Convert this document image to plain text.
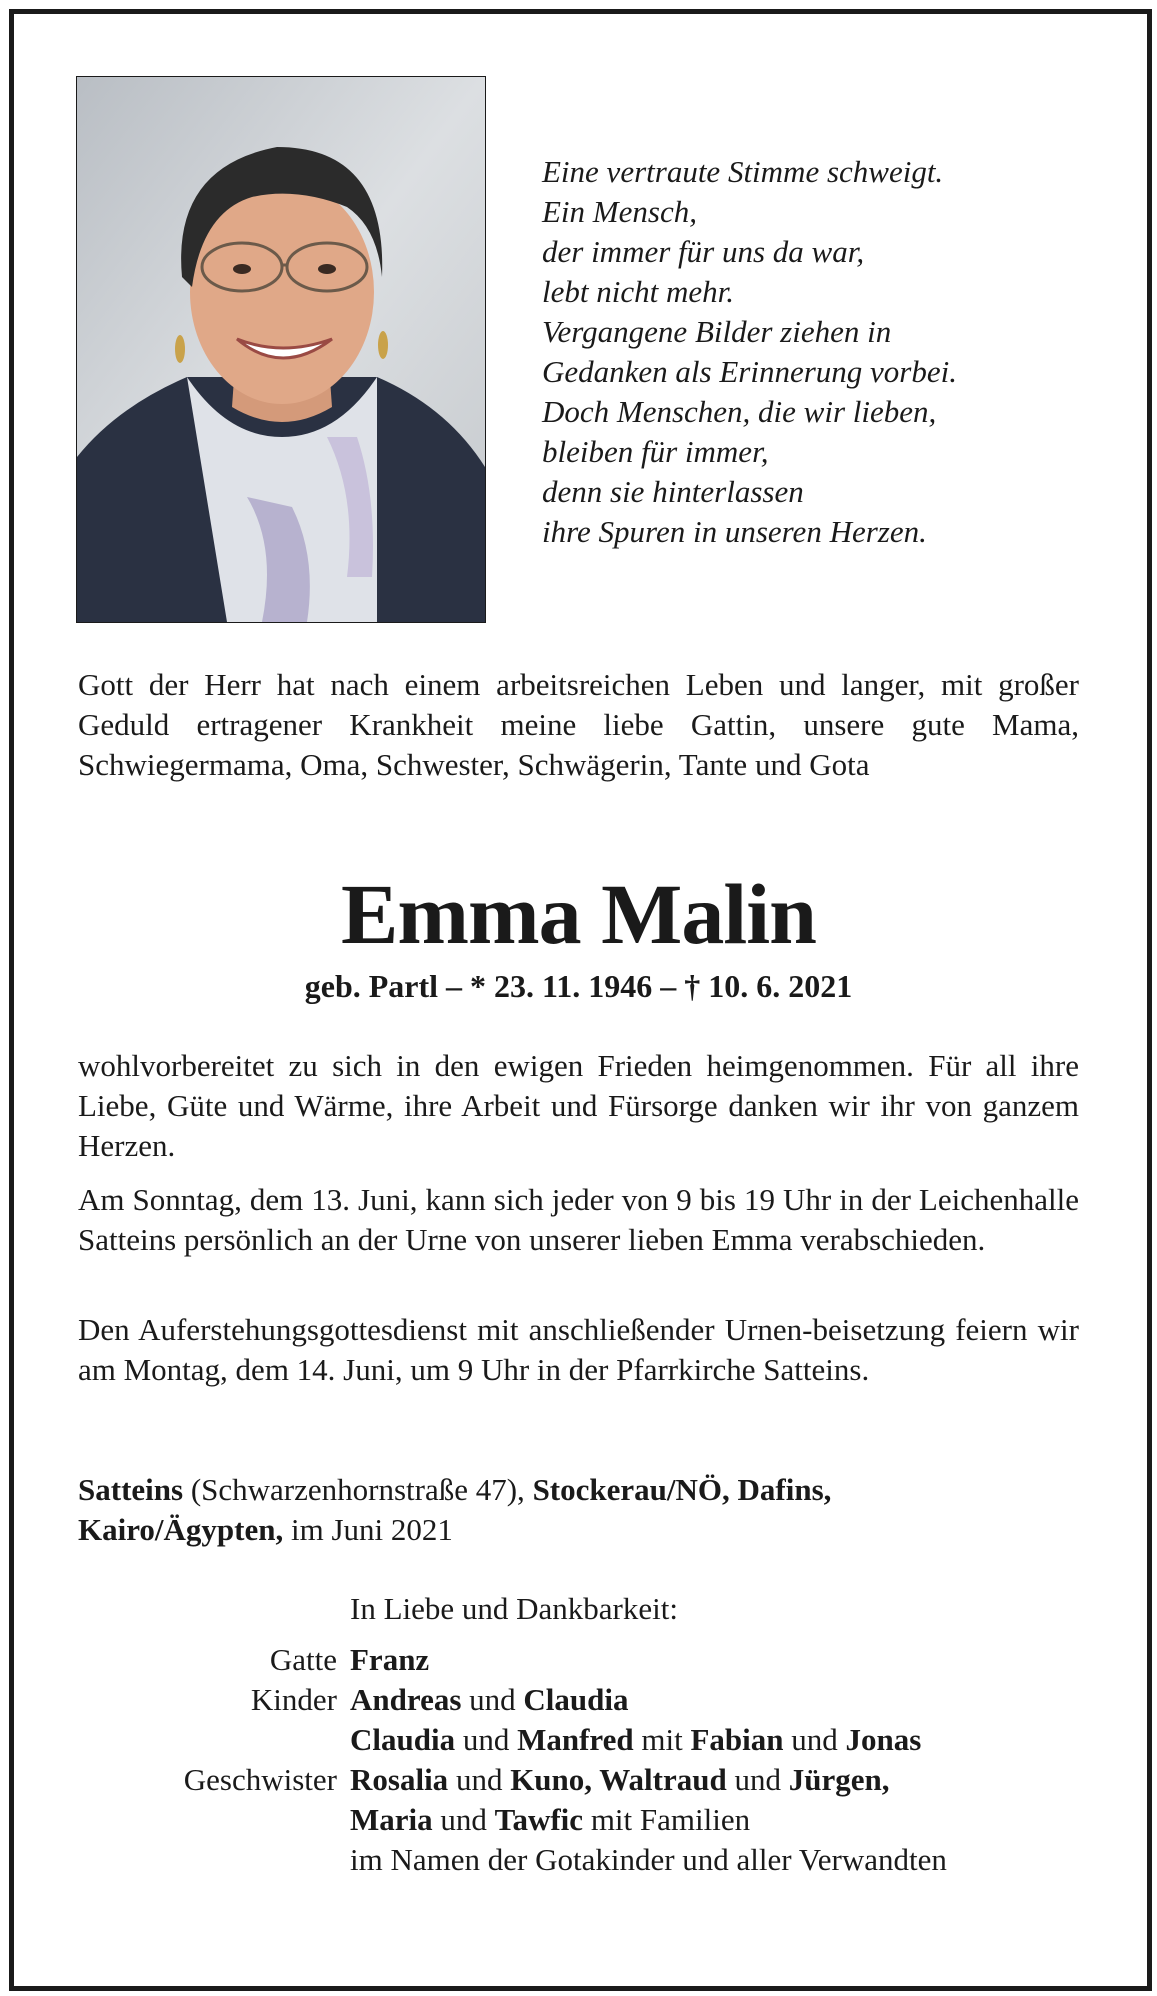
Eine vertraute Stimme schweigt.
Ein Mensch,
der immer für uns da war,
lebt nicht mehr.
Vergangene Bilder ziehen in
Gedanken als Erinnerung vorbei.
Doch Menschen, die wir lieben,
bleiben für immer,
denn sie hinterlassen
ihre Spuren in unseren Herzen.
Gott der Herr hat nach einem arbeitsreichen Leben und langer, mit großer Geduld ertragener Krankheit meine liebe Gattin, unsere gute Mama, Schwiegermama, Oma, Schwester, Schwägerin, Tante und Gota
Emma Malin
geb. Partl – * 23. 11. 1946 – † 10. 6. 2021
wohlvorbereitet zu sich in den ewigen Frieden heimgenommen. Für all ihre Liebe, Güte und Wärme, ihre Arbeit und Fürsorge danken wir ihr von ganzem Herzen.
Am Sonntag, dem 13. Juni, kann sich jeder von 9 bis 19 Uhr in der Leichenhalle Satteins persönlich an der Urne von unserer lieben Emma verabschieden.
Den Auferstehungsgottesdienst mit anschließender Urnen-beisetzung feiern wir am Montag, dem 14. Juni, um 9 Uhr in der Pfarrkirche Satteins.
Satteins (Schwarzenhornstraße 47), Stockerau/NÖ, Dafins,
Kairo/Ägypten, im Juni 2021
In Liebe und Dankbarkeit:
Gatte Franz
Kinder Andreas und Claudia
Claudia und Manfred mit Fabian und Jonas
Geschwister Rosalia und Kuno, Waltraud und Jürgen,
Maria und Tawfic mit Familien
im Namen der Gotakinder und aller Verwandten
